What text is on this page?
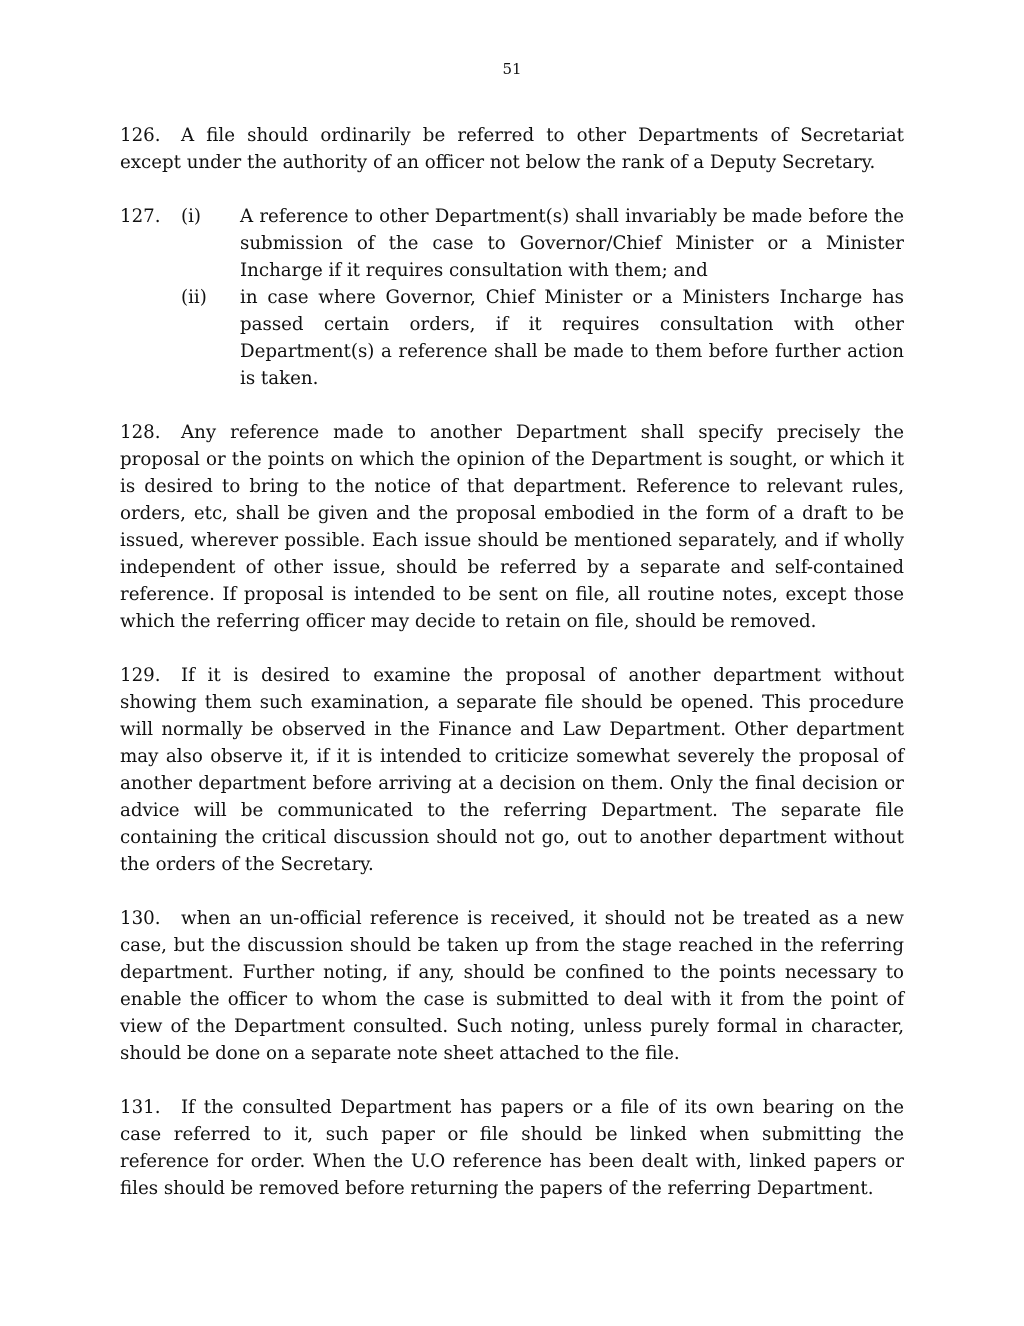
51

126. A file should ordinarily be referred to other Departments of Secretariat except under the authority of an officer not below the rank of a Deputy Secretary.

127.	(i)	A reference to other Department(s) shall invariably be made before the submission of the case to Governor/Chief Minister or a Minister Incharge if it requires consultation with them; and
(ii)	in case where Governor, Chief Minister or a Ministers Incharge has passed certain orders, if it requires consultation with other Department(s) a reference shall be made to them before further action is taken.

128. Any reference made to another Department shall specify precisely the proposal or the points on which the opinion of the Department is sought, or which it is desired to bring to the notice of that department. Reference to relevant rules, orders, etc, shall be given and the proposal embodied in the form of a draft to be issued, wherever possible. Each issue should be mentioned separately, and if wholly independent of other issue, should be referred by a separate and self-contained reference. If proposal is intended to be sent on file, all routine notes, except those which the referring officer may decide to retain on file, should be removed.

129. If it is desired to examine the proposal of another department without showing them such examination, a separate file should be opened. This procedure will normally be observed in the Finance and Law Department. Other department may also observe it, if it is intended to criticize somewhat severely the proposal of another department before arriving at a decision on them. Only the final decision or advice will be communicated to the referring Department. The separate file containing the critical discussion should not go, out to another department without the orders of the Secretary.

130. when an un-official reference is received, it should not be treated as a new case, but the discussion should be taken up from the stage reached in the referring department. Further noting, if any, should be confined to the points necessary to enable the officer to whom the case is submitted to deal with it from the point of view of the Department consulted. Such noting, unless purely formal in character, should be done on a separate note sheet attached to the file.

131. If the consulted Department has papers or a file of its own bearing on the case referred to it, such paper or file should be linked when submitting the reference for order. When the U.O reference has been dealt with, linked papers or files should be removed before returning the papers of the referring Department.
